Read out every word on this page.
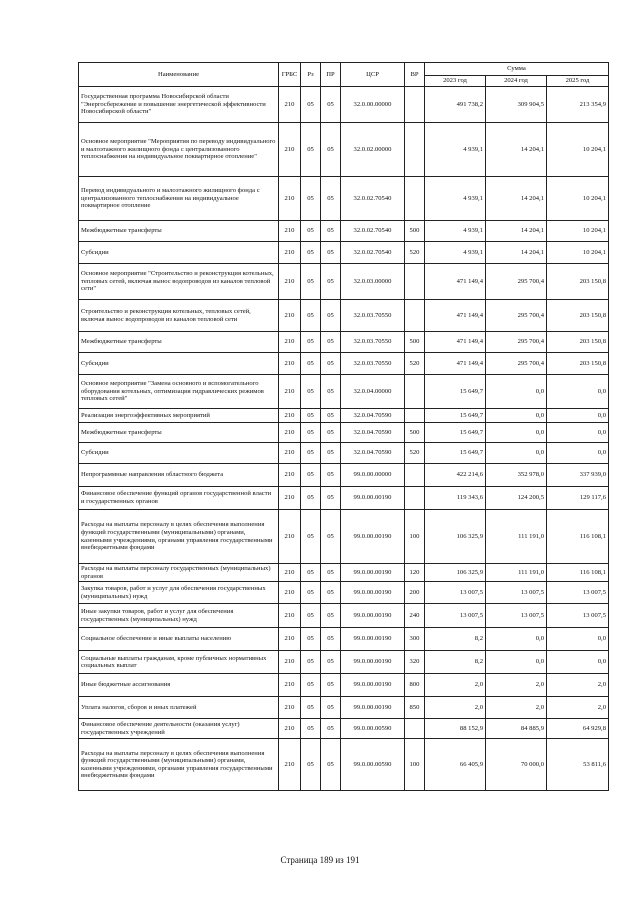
Наименование	ГРБС	Рз	ПР	ЦСР	ВР	Сумма		
						2023 год	2024 год	2025 год
Государственная программа Новосибирской области "Энергосбережение и повышение энергетической эффективности Новосибирской области"	210	05	05	32.0.00.00000		491 738,2	309 904,5	213 354,9
Основное мероприятие "Мероприятия по переводу индивидуального и малоэтажного жилищного фонда с централизованного теплоснабжения на индивидуальное поквартирное отопление"	210	05	05	32.0.02.00000		4 939,1	14 204,1	10 204,1
Перевод индивидуального и малоэтажного жилищного фонда с централизованного теплоснабжения на индивидуальное поквартирное отопление	210	05	05	32.0.02.70540		4 939,1	14 204,1	10 204,1
Межбюджетные трансферты	210	05	05	32.0.02.70540	500	4 939,1	14 204,1	10 204,1
Субсидии	210	05	05	32.0.02.70540	520	4 939,1	14 204,1	10 204,1
Основное мероприятие "Строительство и реконструкция котельных, тепловых сетей, включая вынос водопроводов из каналов тепловой сети"	210	05	05	32.0.03.00000		471 149,4	295 700,4	203 150,8
Строительство и реконструкция котельных, тепловых сетей, включая вынос водопроводов из каналов тепловой сети	210	05	05	32.0.03.70550		471 149,4	295 700,4	203 150,8
Межбюджетные трансферты	210	05	05	32.0.03.70550	500	471 149,4	295 700,4	203 150,8
Субсидии	210	05	05	32.0.03.70550	520	471 149,4	295 700,4	203 150,8
Основное мероприятие "Замена основного и вспомогательного оборудования котельных, оптимизация гидравлических режимов тепловых сетей"	210	05	05	32.0.04.00000		15 649,7	0,0	0,0
Реализация энергоэффективных мероприятий	210	05	05	32.0.04.70590		15 649,7	0,0	0,0
Межбюджетные трансферты	210	05	05	32.0.04.70590	500	15 649,7	0,0	0,0
Субсидии	210	05	05	32.0.04.70590	520	15 649,7	0,0	0,0
Непрограммные направления областного бюджета	210	05	05	99.0.00.00000		422 214,6	352 978,0	337 939,0
Финансовое обеспечение функций органов государственной власти и государственных органов	210	05	05	99.0.00.00190		119 343,6	124 200,5	129 117,6
Расходы на выплаты персоналу в целях обеспечения выполнения функций государственными (муниципальными) органами, казенными учреждениями, органами управления государственными внебюджетными фондами	210	05	05	99.0.00.00190	100	106 325,9	111 191,0	116 108,1
Расходы на выплаты персоналу государственных (муниципальных) органов	210	05	05	99.0.00.00190	120	106 325,9	111 191,0	116 108,1
Закупка товаров, работ и услуг для обеспечения государственных (муниципальных) нужд	210	05	05	99.0.00.00190	200	13 007,5	13 007,5	13 007,5
Иные закупки товаров, работ и услуг для обеспечения государственных (муниципальных) нужд	210	05	05	99.0.00.00190	240	13 007,5	13 007,5	13 007,5
Социальное обеспечение и иные выплаты населению	210	05	05	99.0.00.00190	300	8,2	0,0	0,0
Социальные выплаты гражданам, кроме публичных нормативных социальных выплат	210	05	05	99.0.00.00190	320	8,2	0,0	0,0
Иные бюджетные ассигнования	210	05	05	99.0.00.00190	800	2,0	2,0	2,0
Уплата налогов, сборов и иных платежей	210	05	05	99.0.00.00190	850	2,0	2,0	2,0
Финансовое обеспечение деятельности (оказания услуг) государственных учреждений	210	05	05	99.0.00.00590		88 152,9	84 885,9	64 929,8
Расходы на выплаты персоналу в целях обеспечения выполнения функций государственными (муниципальными) органами, казенными учреждениями, органами управления государственными внебюджетными фондами	210	05	05	99.0.00.00590	100	66 405,9	70 000,0	53 811,6
Страница 189 из 191
